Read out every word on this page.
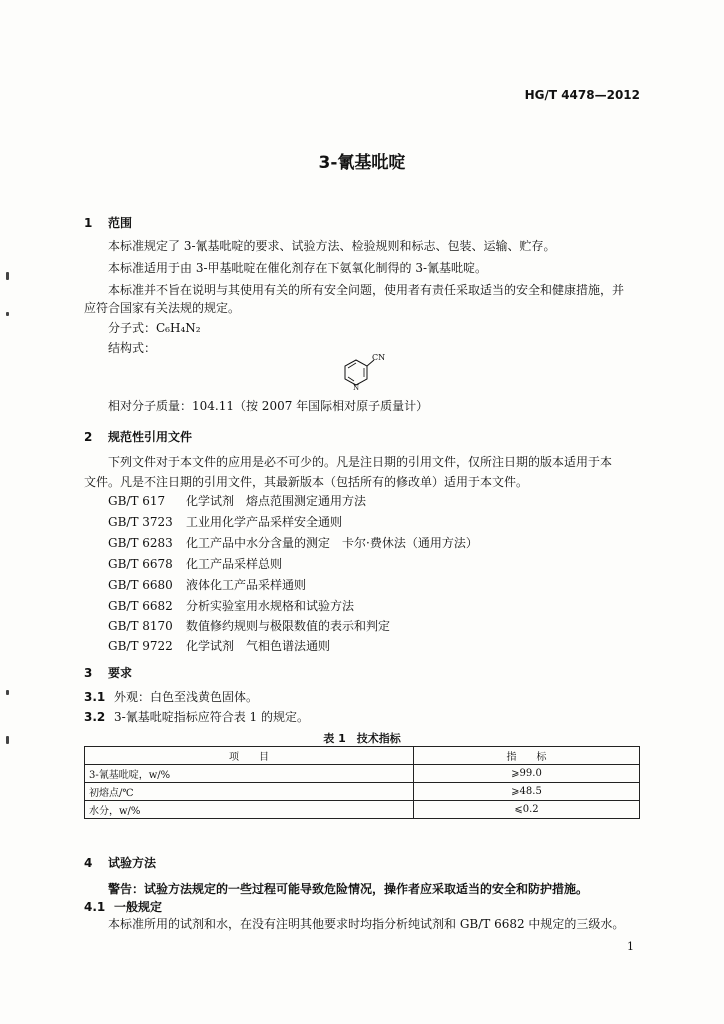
HG/T 4478—2012
3-氰基吡啶
1 范围
本标准规定了 3-氰基吡啶的要求、试验方法、检验规则和标志、包装、运输、贮存。
本标准适用于由 3-甲基吡啶在催化剂存在下氨氧化制得的 3-氰基吡啶。
本标准并不旨在说明与其使用有关的所有安全问题，使用者有责任采取适当的安全和健康措施，并
应符合国家有关法规的规定。
分子式：C₆H₄N₂
结构式：
CN
N
相对分子质量：104.11（按 2007 年国际相对原子质量计）
2 规范性引用文件
下列文件对于本文件的应用是必不可少的。凡是注日期的引用文件，仅所注日期的版本适用于本
文件。凡是不注日期的引用文件，其最新版本（包括所有的修改单）适用于本文件。
GB/T 617 化学试剂　熔点范围测定通用方法
GB/T 3723 工业用化学产品采样安全通则
GB/T 6283 化工产品中水分含量的测定　卡尔·费休法（通用方法）
GB/T 6678 化工产品采样总则
GB/T 6680 液体化工产品采样通则
GB/T 6682 分析实验室用水规格和试验方法
GB/T 8170 数值修约规则与极限数值的表示和判定
GB/T 9722 化学试剂　气相色谱法通则
3 要求
3.1 外观：白色至浅黄色固体。
3.2 3-氰基吡啶指标应符合表 1 的规定。
表 1　技术指标
项　　目	指　　标
3-氰基吡啶，w/%	⩾99.0
初熔点/℃	⩾48.5
水分，w/%	⩽0.2
4 试验方法
警告：试验方法规定的一些过程可能导致危险情况，操作者应采取适当的安全和防护措施。
4.1 一般规定
本标准所用的试剂和水，在没有注明其他要求时均指分析纯试剂和 GB/T 6682 中规定的三级水。
1
